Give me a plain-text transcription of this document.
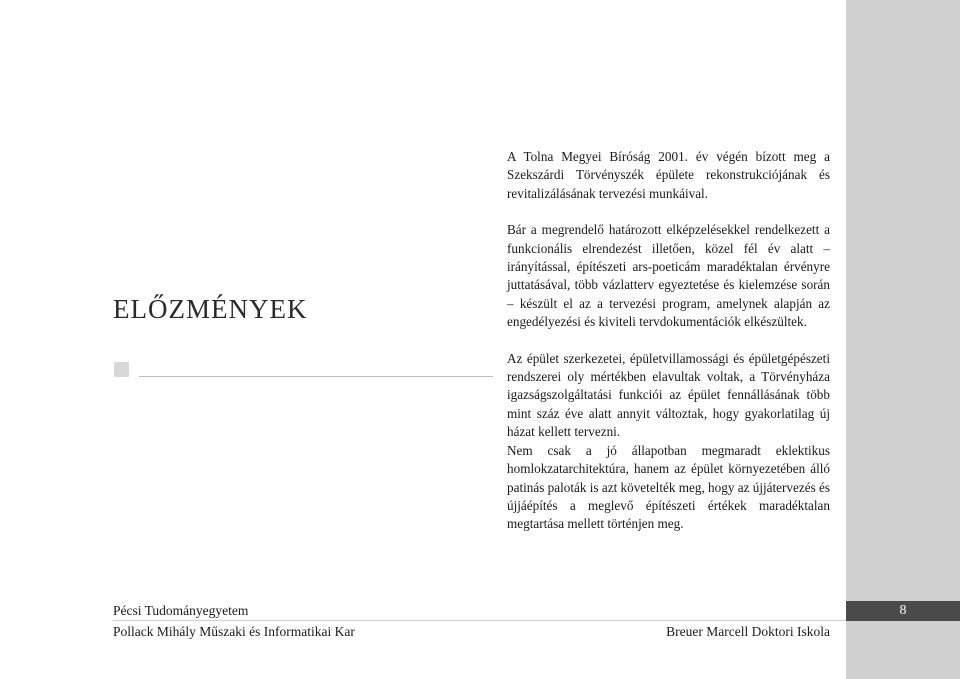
8
ELŐZMÉNYEK

A Tolna Megyei Bíróság 2001. év végén bízott meg a Szekszárdi Törvényszék épülete rekonstrukciójának és revitalizálásának tervezési munkáival.

Bár a megrendelő határozott elképzelésekkel rendelkezett a funkcionális elrendezést illetően, közel fél év alatt – irányítással, építészeti ars-poeticám maradéktalan érvényre juttatásával, több vázlatterv egyeztetése és kielemzése során – készült el az a tervezési program, amelynek alapján az engedélyezési és kiviteli tervdokumentációk elkészültek.

Az épület szerkezetei, épületvillamossági és épületgépészeti rendszerei oly mértékben elavultak voltak, a Törvényháza igazságszolgáltatási funkciói az épület fennállásának több mint száz éve alatt annyit változtak, hogy gyakorlatilag új házat kellett tervezni.

Nem csak a jó állapotban megmaradt eklektikus homlokzatarchitektúra, hanem az épület környezetében álló patinás paloták is azt követelték meg, hogy az újjátervezés és újjáépítés a meglevő építészeti értékek maradéktalan megtartása mellett történjen meg.

Pécsi Tudományegyetem
Pollack Mihály Műszaki és Informatikai Kar	Breuer Marcell Doktori Iskola
